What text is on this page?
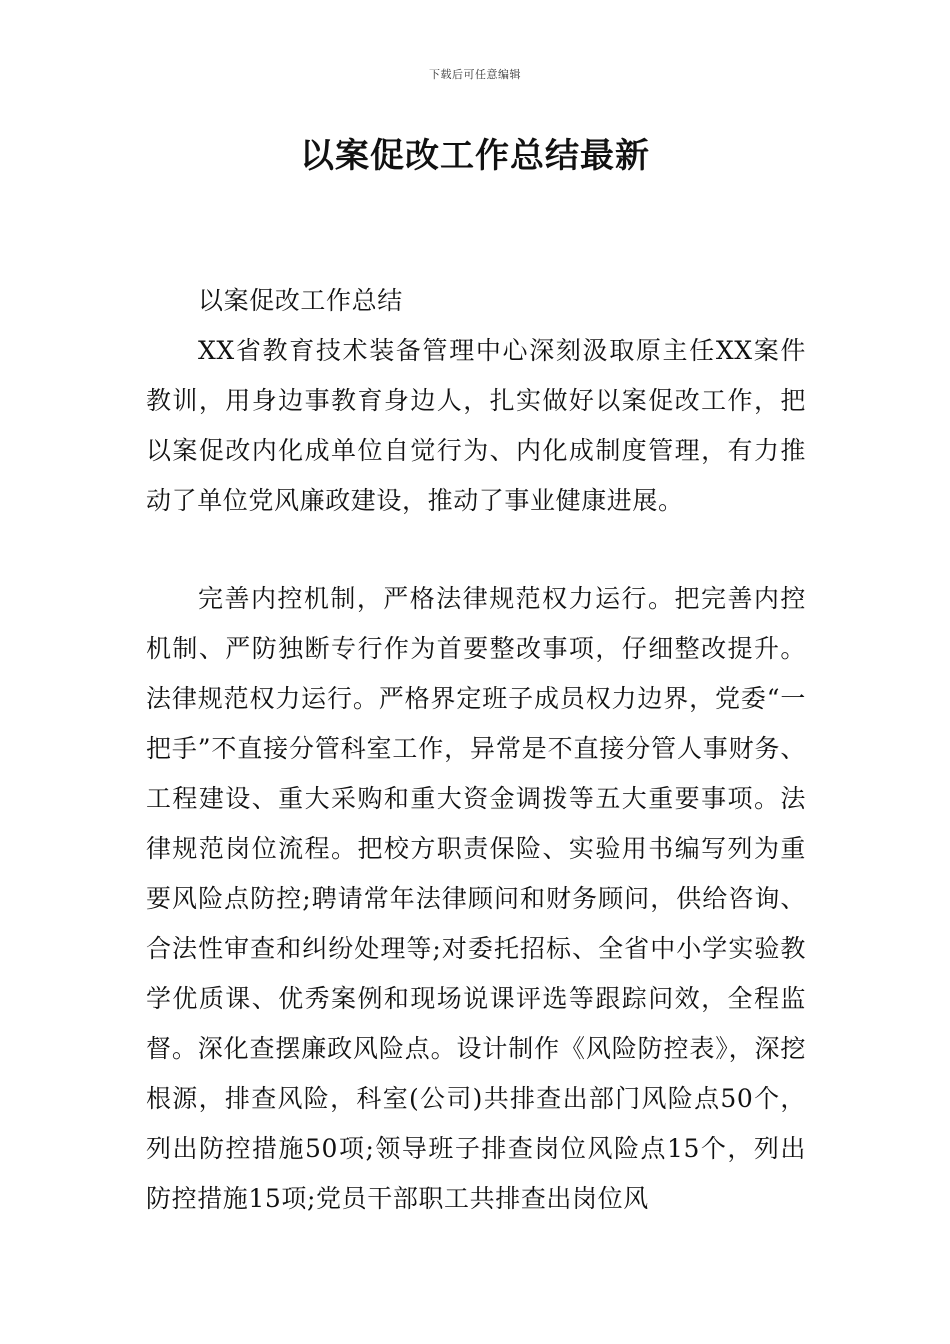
下载后可任意编辑
以案促改工作总结最新

以案促改工作总结

XX省教育技术装备管理中心深刻汲取原主任XX案件教训，用身边事教育身边人，扎实做好以案促改工作，把以案促改内化成单位自觉行为、内化成制度管理，有力推动了单位党风廉政建设，推动了事业健康进展。

完善内控机制，严格法律规范权力运行。把完善内控机制、严防独断专行作为首要整改事项，仔细整改提升。法律规范权力运行。严格界定班子成员权力边界，党委“一把手”不直接分管科室工作，异常是不直接分管人事财务、工程建设、重大采购和重大资金调拨等五大重要事项。法律规范岗位流程。把校方职责保险、实验用书编写列为重要风险点防控;聘请常年法律顾问和财务顾问，供给咨询、合法性审查和纠纷处理等;对委托招标、全省中小学实验教学优质课、优秀案例和现场说课评选等跟踪问效，全程监督。深化查摆廉政风险点。设计制作《风险防控表》，深挖根源，排查风险，科室(公司)共排查出部门风险点50个，列出防控措施50项;领导班子排查岗位风险点15个，列出防控措施15项;党员干部职工共排查出岗位风
